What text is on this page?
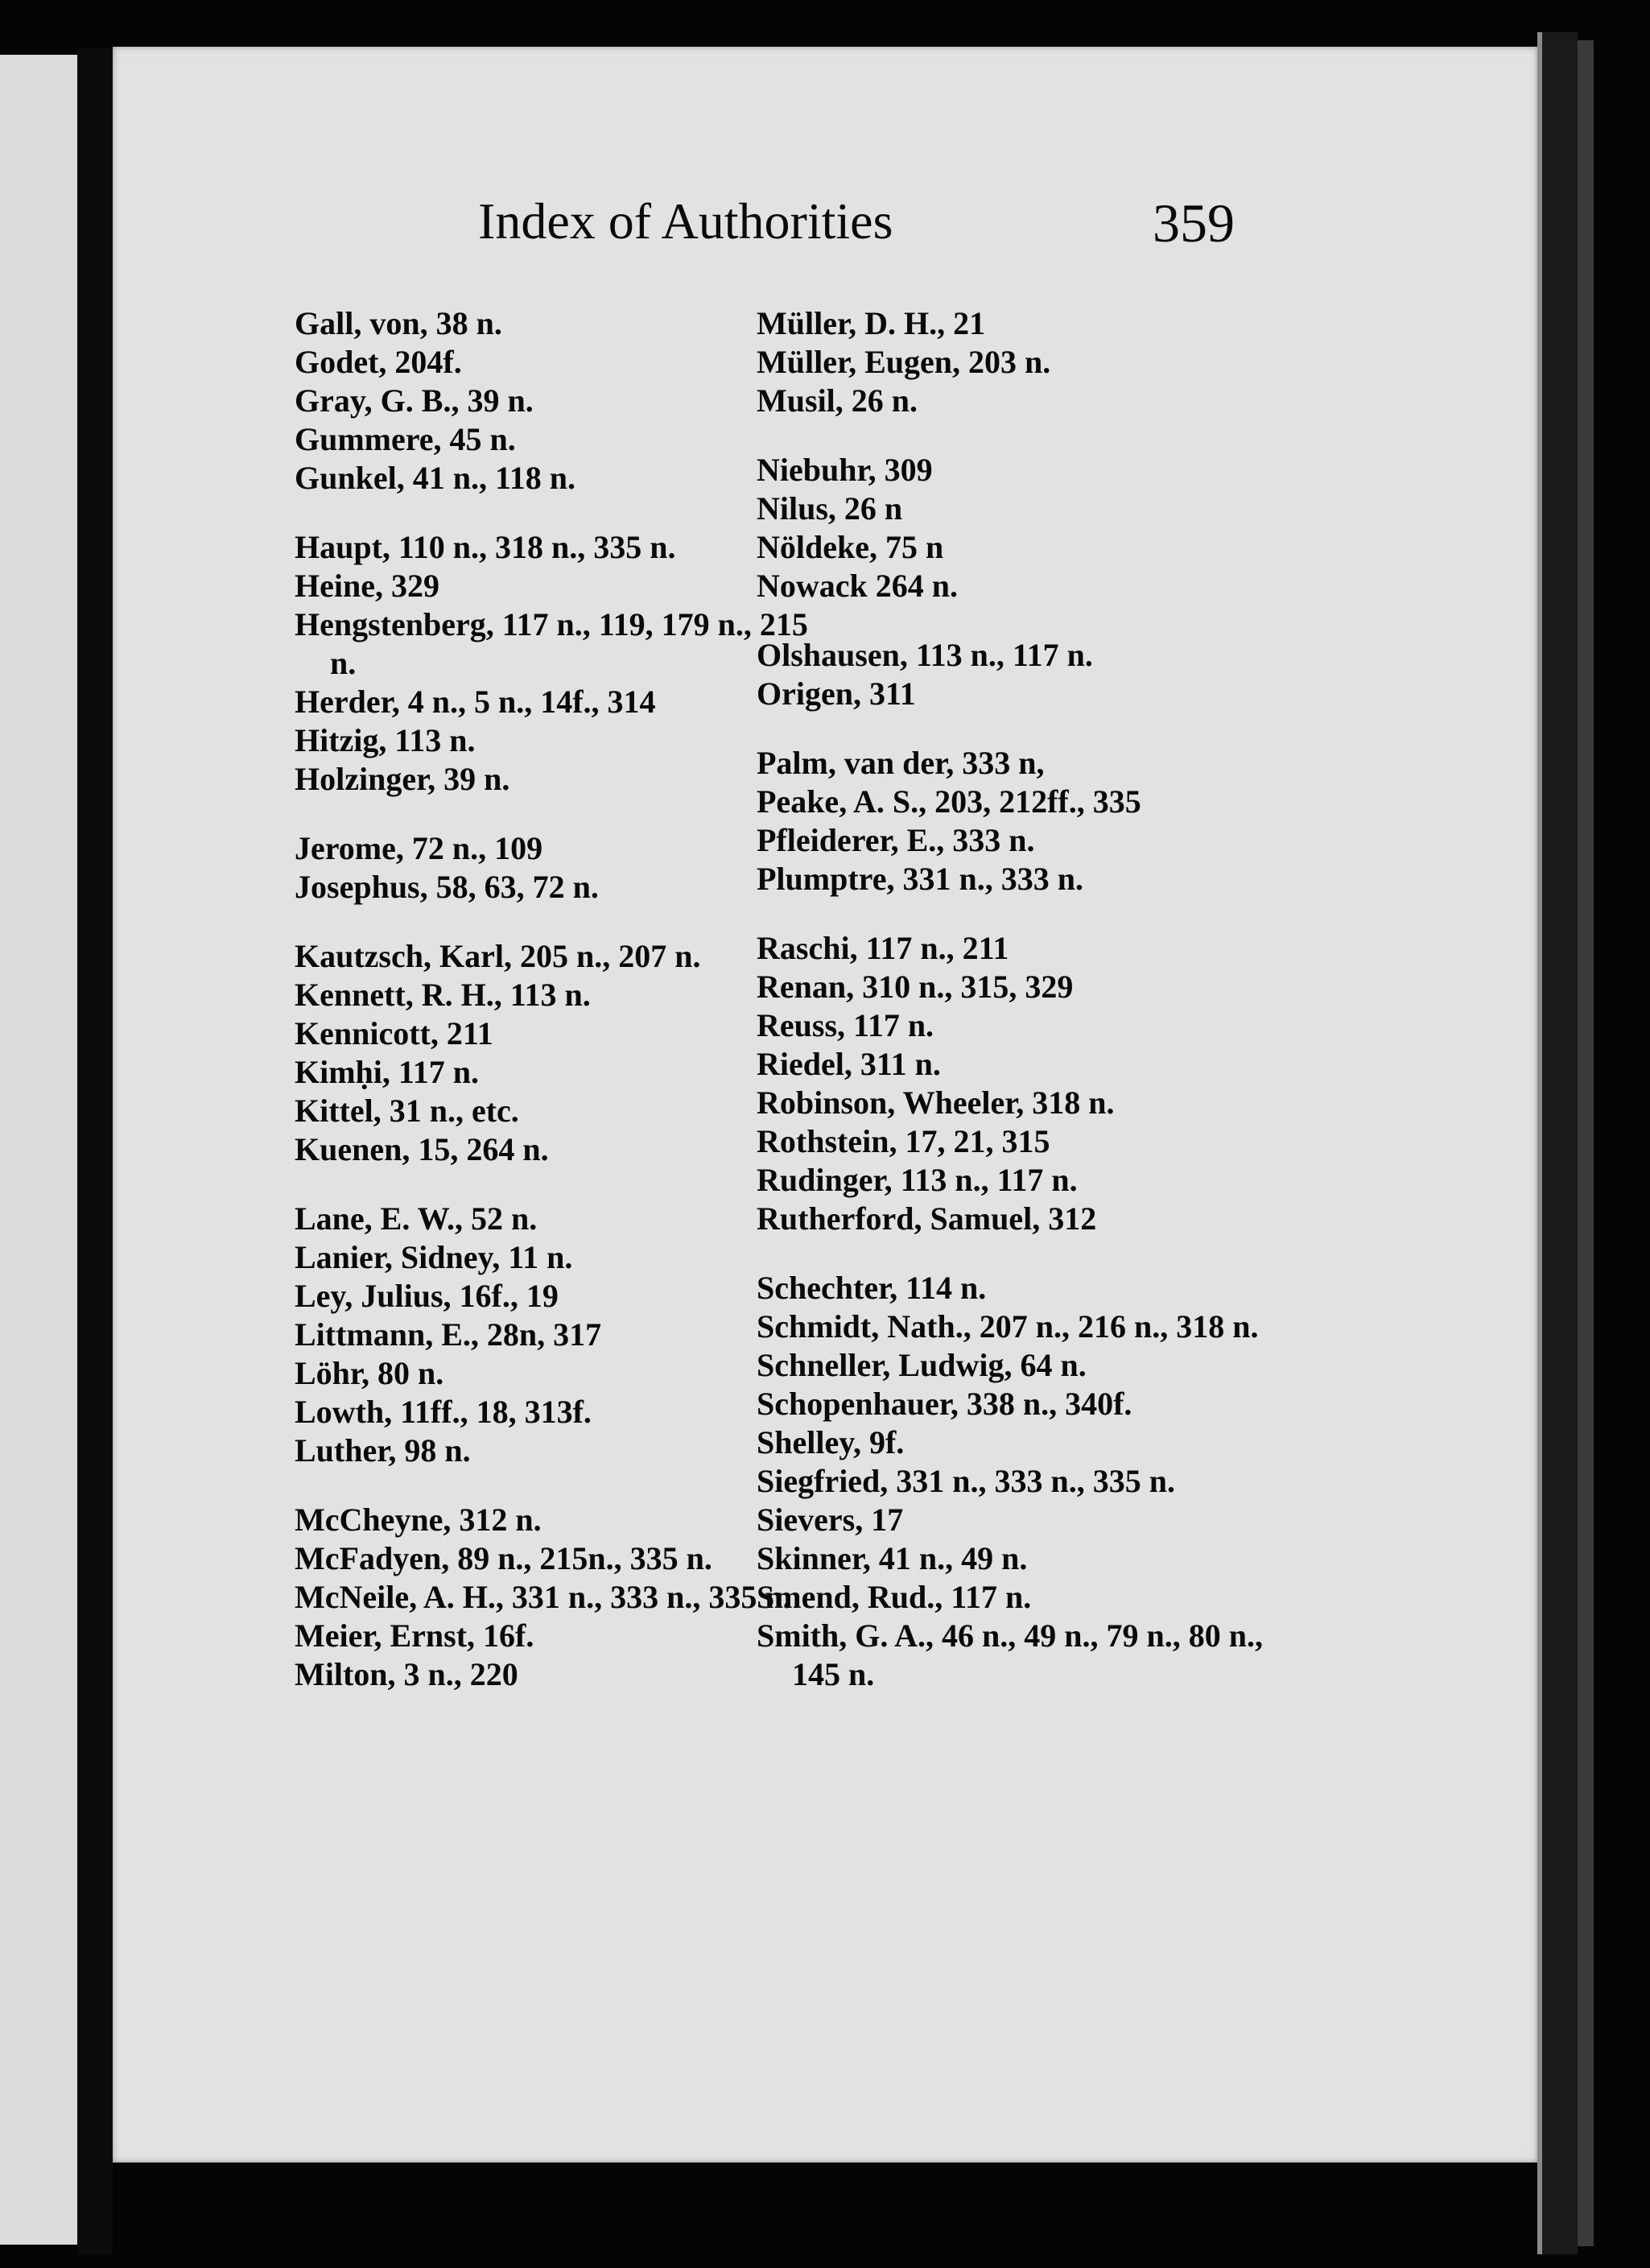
Index of Authorities	359
Gall, von, 38 n.
Godet, 204f.
Gray, G. B., 39 n.
Gummere, 45 n.
Gunkel, 41 n., 118 n.
Haupt, 110 n., 318 n., 335 n.
Heine, 329
Hengstenberg, 117 n., 119, 179 n., 215 n.
Herder, 4 n., 5 n., 14f., 314
Hitzig, 113 n.
Holzinger, 39 n.
Jerome, 72 n., 109
Josephus, 58, 63, 72 n.
Kautzsch, Karl, 205 n., 207 n.
Kennett, R. H., 113 n.
Kennicott, 211
Kimḥi, 117 n.
Kittel, 31 n., etc.
Kuenen, 15, 264 n.
Lane, E. W., 52 n.
Lanier, Sidney, 11 n.
Ley, Julius, 16f., 19
Littmann, E., 28n, 317
Löhr, 80 n.
Lowth, 11ff., 18, 313f.
Luther, 98 n.
McCheyne, 312 n.
McFadyen, 89 n., 215n., 335 n.
McNeile, A. H., 331 n., 333 n., 335 n.
Meier, Ernst, 16f.
Milton, 3 n., 220
Müller, D. H., 21
Müller, Eugen, 203 n.
Musil, 26 n.
Niebuhr, 309
Nilus, 26 n
Nöldeke, 75 n
Nowack 264 n.
Olshausen, 113 n., 117 n.
Origen, 311
Palm, van der, 333 n,
Peake, A. S., 203, 212ff., 335
Pfleiderer, E., 333 n.
Plumptre, 331 n., 333 n.
Raschi, 117 n., 211
Renan, 310 n., 315, 329
Reuss, 117 n.
Riedel, 311 n.
Robinson, Wheeler, 318 n.
Rothstein, 17, 21, 315
Rudinger, 113 n., 117 n.
Rutherford, Samuel, 312
Schechter, 114 n.
Schmidt, Nath., 207 n., 216 n., 318 n.
Schneller, Ludwig, 64 n.
Schopenhauer, 338 n., 340f.
Shelley, 9f.
Siegfried, 331 n., 333 n., 335 n.
Sievers, 17
Skinner, 41 n., 49 n.
Smend, Rud., 117 n.
Smith, G. A., 46 n., 49 n., 79 n., 80 n., 145 n.
